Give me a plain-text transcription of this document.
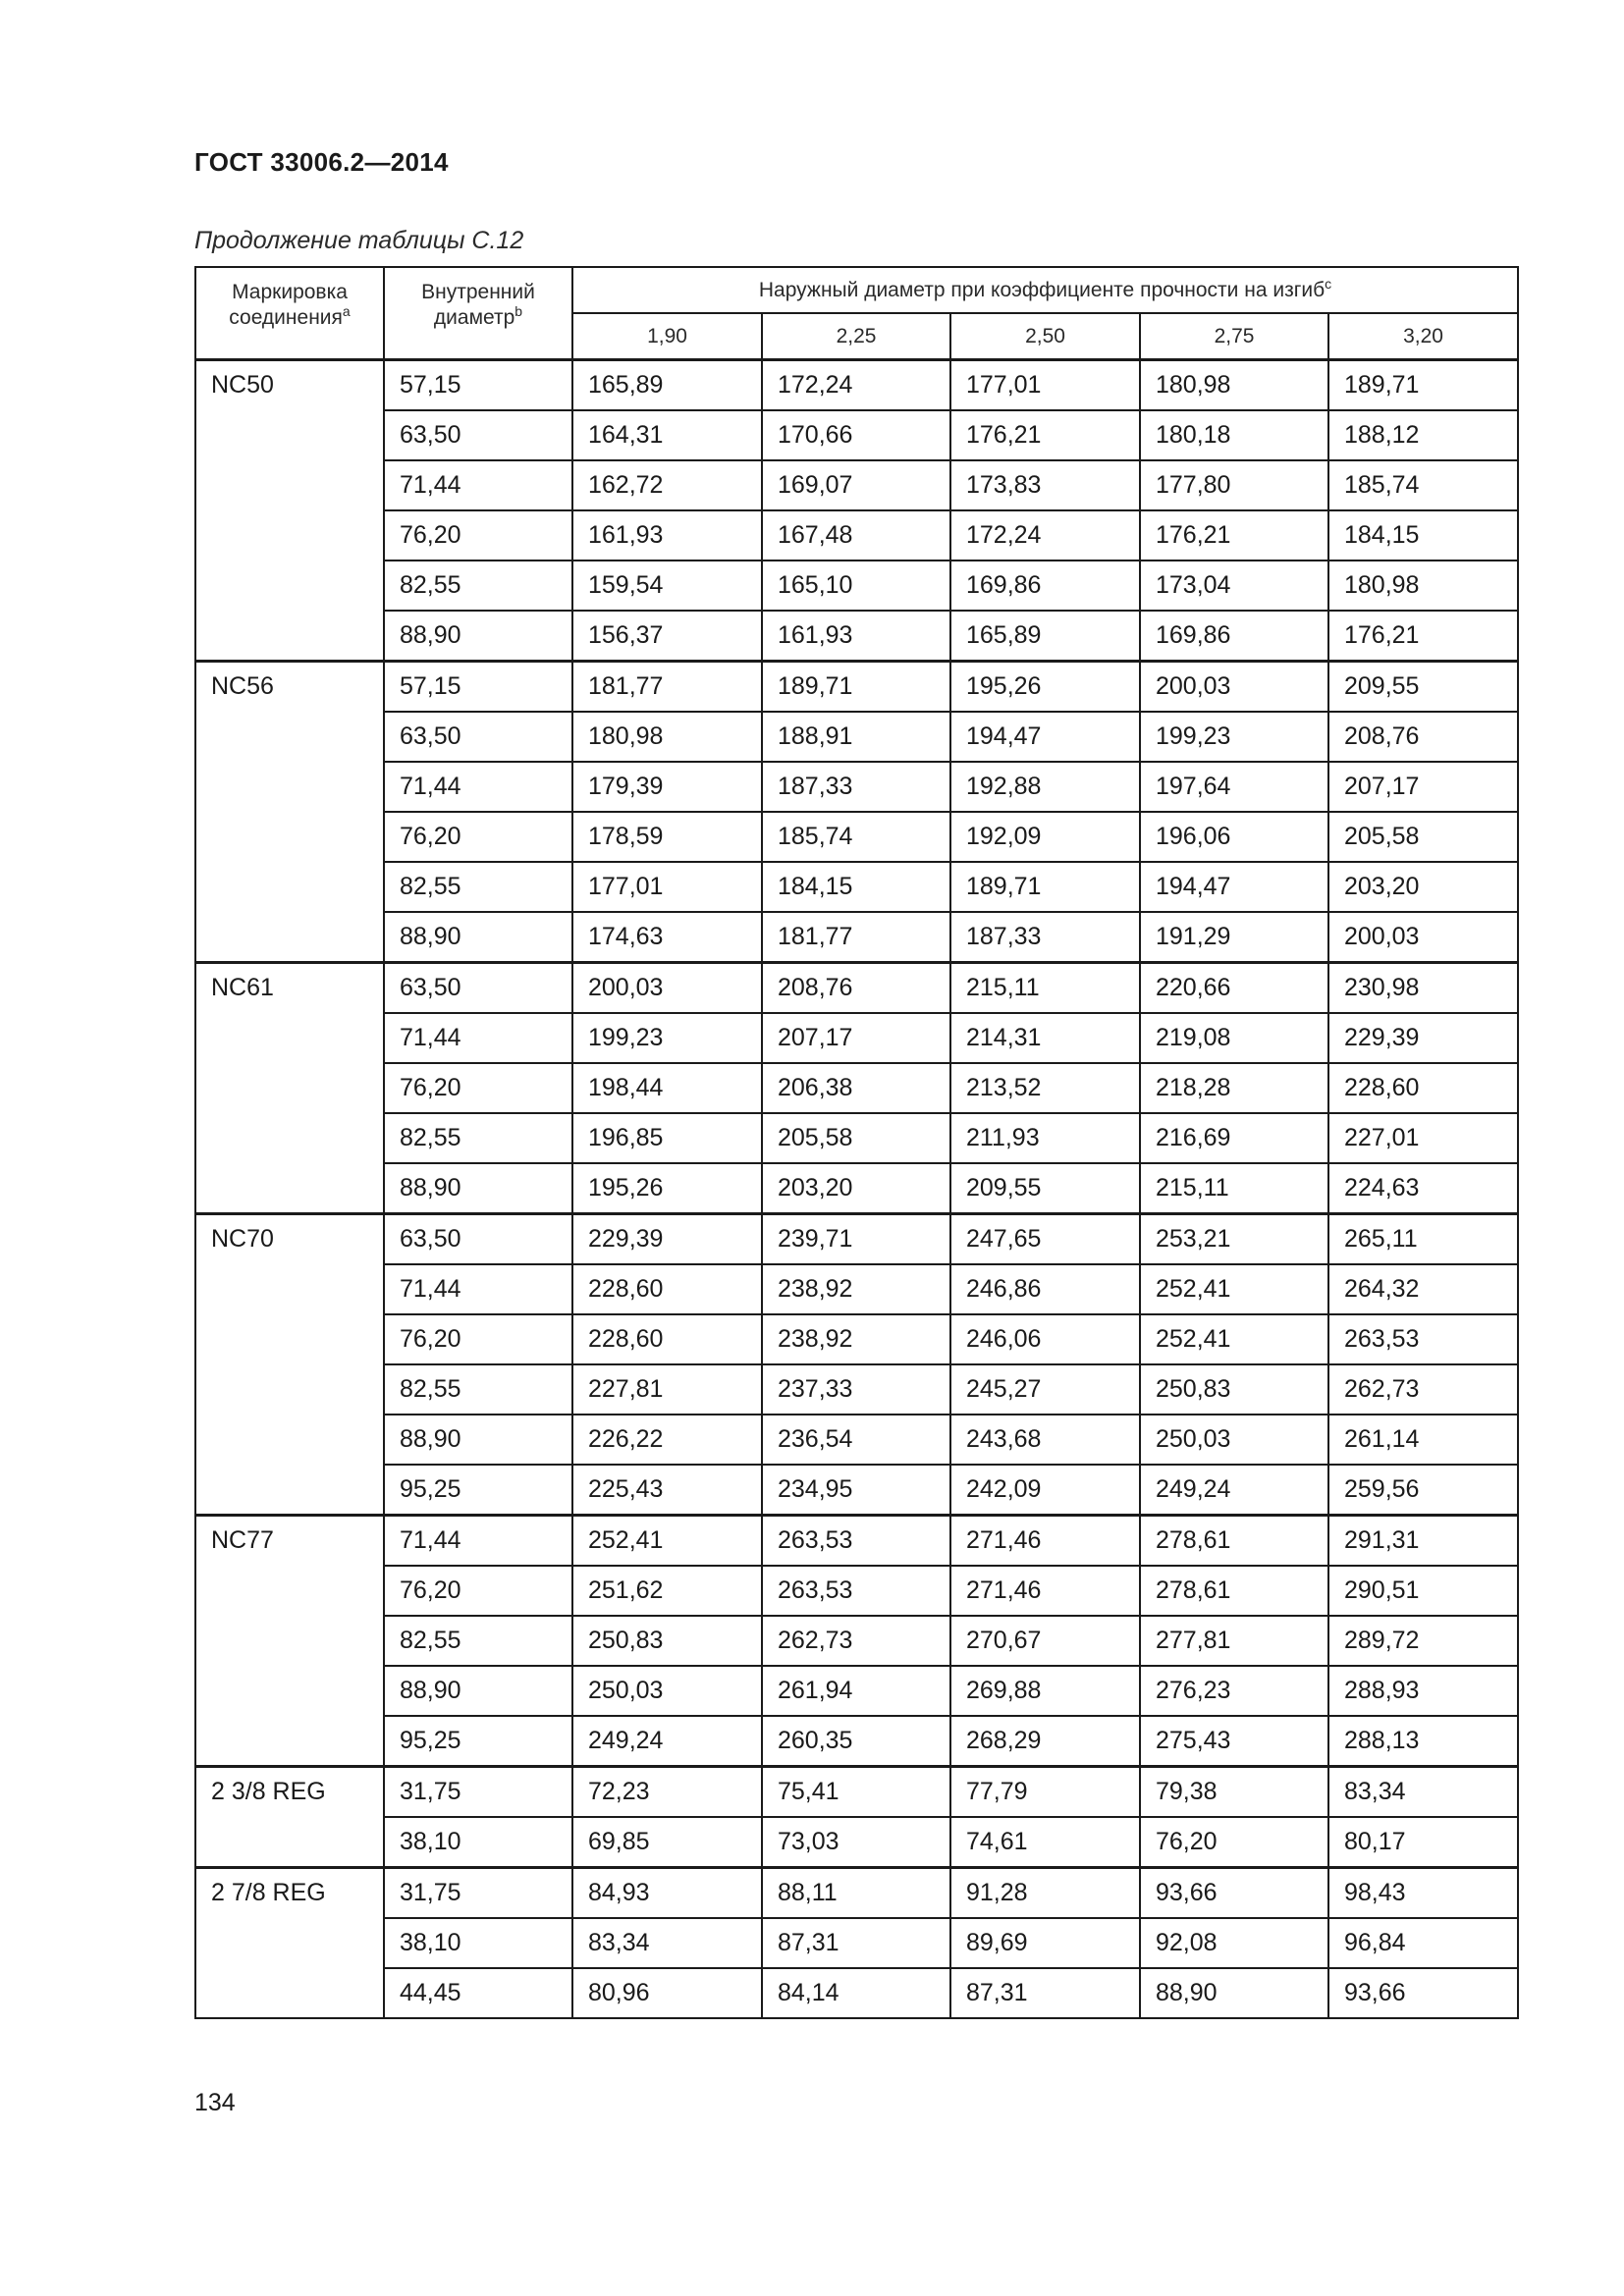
ГОСТ 33006.2—2014
Продолжение таблицы С.12
Маркировка соединения$^a$	Внутренний диаметр$^b$	Наружный диаметр при коэффициенте прочности на изгиб$^c$
		1,90	2,25	2,50	2,75	3,20
NC50	57,15	165,89	172,24	177,01	180,98	189,71
	63,50	164,31	170,66	176,21	180,18	188,12
	71,44	162,72	169,07	173,83	177,80	185,74
	76,20	161,93	167,48	172,24	176,21	184,15
	82,55	159,54	165,10	169,86	173,04	180,98
	88,90	156,37	161,93	165,89	169,86	176,21
NC56	57,15	181,77	189,71	195,26	200,03	209,55
	63,50	180,98	188,91	194,47	199,23	208,76
	71,44	179,39	187,33	192,88	197,64	207,17
	76,20	178,59	185,74	192,09	196,06	205,58
	82,55	177,01	184,15	189,71	194,47	203,20
	88,90	174,63	181,77	187,33	191,29	200,03
NC61	63,50	200,03	208,76	215,11	220,66	230,98
	71,44	199,23	207,17	214,31	219,08	229,39
	76,20	198,44	206,38	213,52	218,28	228,60
	82,55	196,85	205,58	211,93	216,69	227,01
	88,90	195,26	203,20	209,55	215,11	224,63
NC70	63,50	229,39	239,71	247,65	253,21	265,11
	71,44	228,60	238,92	246,86	252,41	264,32
	76,20	228,60	238,92	246,06	252,41	263,53
	82,55	227,81	237,33	245,27	250,83	262,73
	88,90	226,22	236,54	243,68	250,03	261,14
	95,25	225,43	234,95	242,09	249,24	259,56
NC77	71,44	252,41	263,53	271,46	278,61	291,31
	76,20	251,62	263,53	271,46	278,61	290,51
	82,55	250,83	262,73	270,67	277,81	289,72
	88,90	250,03	261,94	269,88	276,23	288,93
	95,25	249,24	260,35	268,29	275,43	288,13
2 3/8 REG	31,75	72,23	75,41	77,79	79,38	83,34
	38,10	69,85	73,03	74,61	76,20	80,17
2 7/8 REG	31,75	84,93	88,11	91,28	93,66	98,43
	38,10	83,34	87,31	89,69	92,08	96,84
	44,45	80,96	84,14	87,31	88,90	93,66
134
